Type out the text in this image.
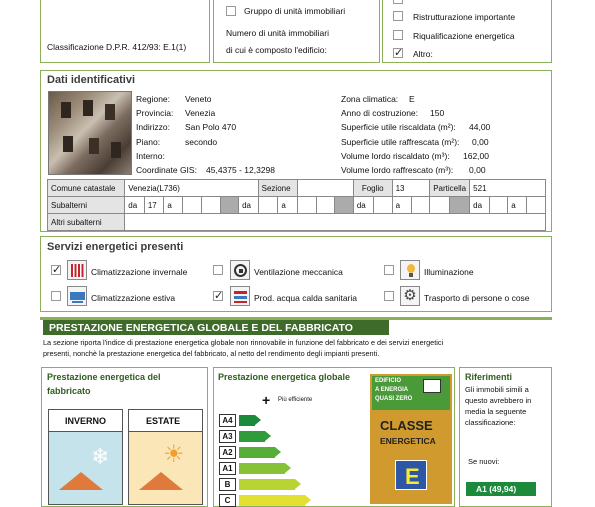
Classificazione D.P.R. 412/93: E.1(1)
Gruppo di unità immobiliari
Numero di unità immobiliari
di cui è composto l'edificio:
Ristrutturazione importante
Riqualificazione energetica
✓ Altro:
Dati identificativi
Regione: Veneto
Provincia: Venezia
Indirizzo: San Polo 470
Piano:	secondo
Interno:
Coordinate GIS: 45,4375 - 12,3298
Zona climatica: E
Anno di costruzione: 150
Superficie utile riscaldata (m²): 44,00
Superficie utile raffrescata (m²): 0,00
Volume lordo riscaldato (m³): 162,00
Volume lordo raffrescato (m³): 0,00
Comune catastale	Venezia(L736)							Sezione					Foglio		13		Particella		521			
Subalterni	da	17	a				da		a				da		a				da		a	
Altri subalterni																						
Servizi energetici presenti
✓	Climatizzazione invernale	Ventilazione meccanica	Illuminazione
Climatizzazione estiva	✓	Prod. acqua calda sanitaria	⚙ Trasporto di persone o cose
PRESTAZIONE ENERGETICA GLOBALE E DEL FABBRICATO
La sezione riporta l'indice di prestazione energetica globale non rinnovabile in funzione del fabbricato e dei servizi energetici
presenti, nonchè la prestazione energetica del fabbricato, al netto del rendimento degli impianti presenti.
Prestazione energetica del
fabbricato
INVERNO
❄
ESTATE
☀
Prestazione energetica globale
+ Più efficiente
A4
A3
A2
A1
B
C
EDIFICIO
A ENERGIA
QUASI ZERO
CLASSE
ENERGETICA
E
Riferimenti
Gli immobili simili a
questo avrebbero in
media la seguente
classificazione:
Se nuovi:
A1 (49,94)
